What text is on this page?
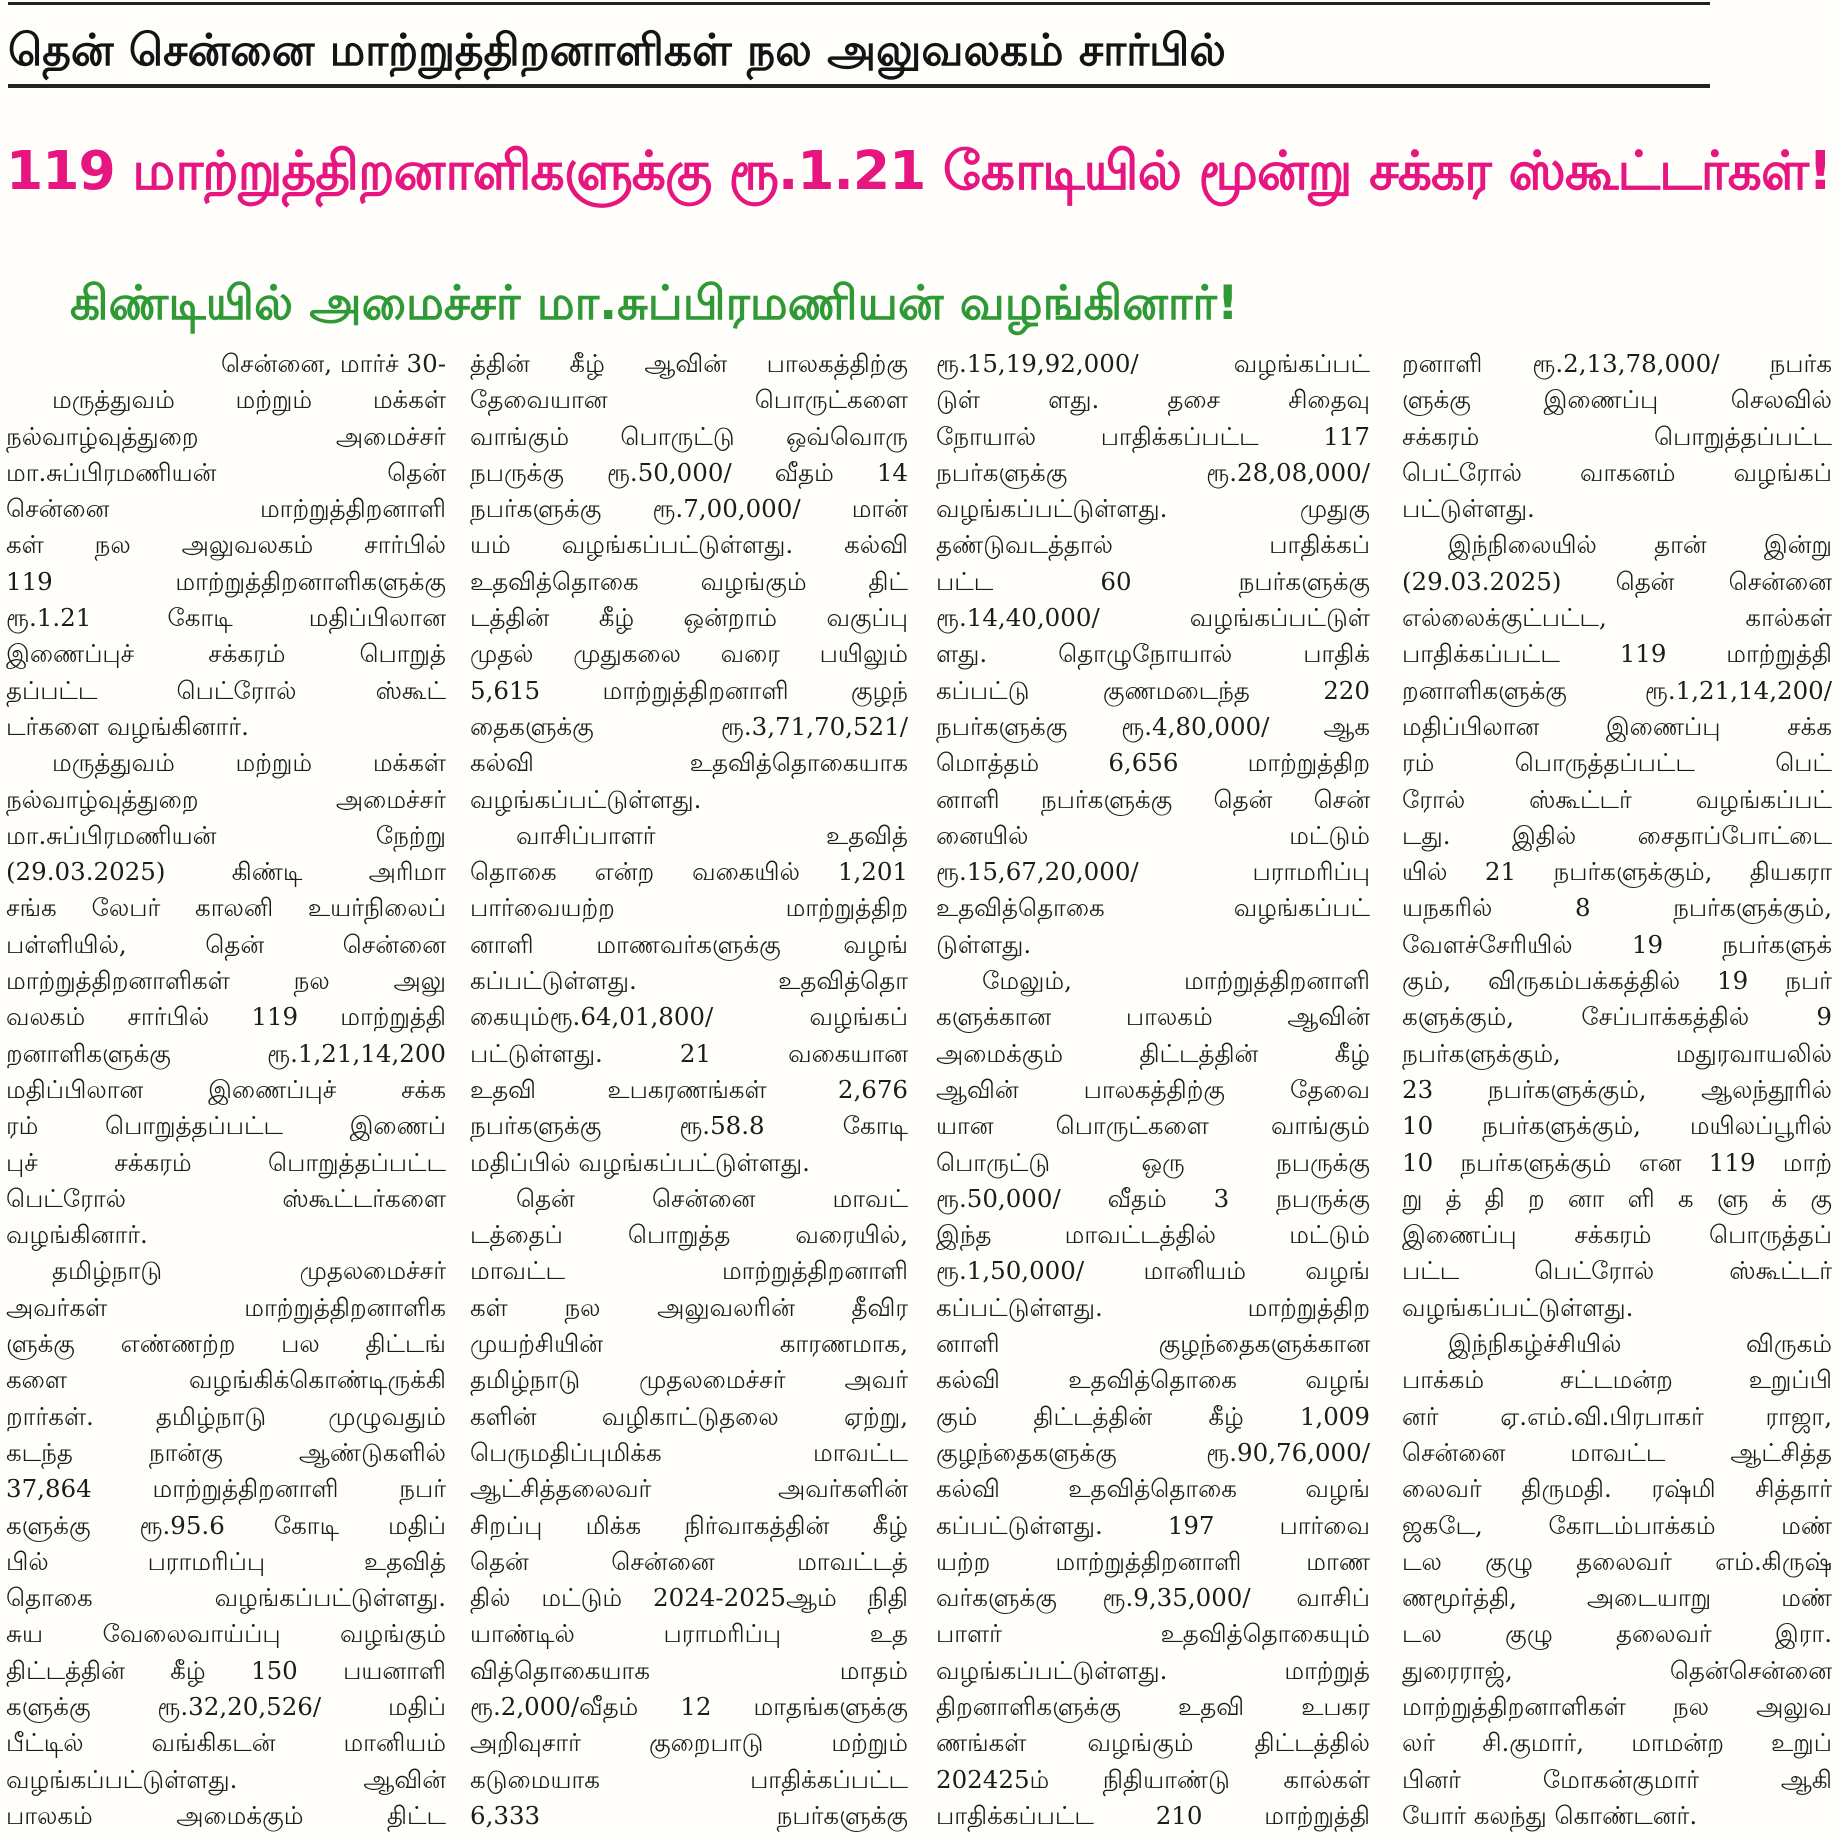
தென் சென்னை மாற்றுத்திறனாளிகள் நல அலுவலகம் சார்பில்
119 மாற்றுத்திறனாளிகளுக்கு ரூ.1.21 கோடியில் மூன்று சக்கர ஸ்கூட்டர்கள்!
கிண்டியில் அமைச்சர் மா.சுப்பிரமணியன் வழங்கினார்!
சென்னை, மார்ச் 30-
மருத்துவம் மற்றும் மக்கள்
நல்வாழ்வுத்துறை அமைச்சர்
மா.சுப்பிரமணியன் தென்
சென்னை மாற்றுத்திறனாளி
கள் நல அலுவலகம் சார்பில்
119 மாற்றுத்திறனாளிகளுக்கு
ரூ.1.21 கோடி மதிப்பிலான
இணைப்புச் சக்கரம் பொறுத்
தப்பட்ட பெட்ரோல் ஸ்கூட்
டர்களை வழங்கினார்.
மருத்துவம் மற்றும் மக்கள்
நல்வாழ்வுத்துறை அமைச்சர்
மா.சுப்பிரமணியன் நேற்று
(29.03.2025) கிண்டி அரிமா
சங்க லேபர் காலனி உயர்நிலைப்
பள்ளியில், தென் சென்னை
மாற்றுத்திறனாளிகள் நல அலு
வலகம் சார்பில் 119 மாற்றுத்தி
றனாளிகளுக்கு ரூ.1,21,14,200
மதிப்பிலான இணைப்புச் சக்க
ரம் பொறுத்தப்பட்ட இணைப்
புச் சக்கரம் பொறுத்தப்பட்ட
பெட்ரோல் ஸ்கூட்டர்களை
வழங்கினார்.
தமிழ்நாடு முதலமைச்சர்
அவர்கள் மாற்றுத்திறனாளிக
ளுக்கு எண்ணற்ற பல திட்டங்
களை வழங்கிக்கொண்டிருக்கி
றார்கள். தமிழ்நாடு முழுவதும்
கடந்த நான்கு ஆண்டுகளில்
37,864 மாற்றுத்திறனாளி நபர்
களுக்கு ரூ.95.6 கோடி மதிப்
பில் பராமரிப்பு உதவித்
தொகை வழங்கப்பட்டுள்ளது.
சுய வேலைவாய்ப்பு வழங்கும்
திட்டத்தின் கீழ் 150 பயனாளி
களுக்கு ரூ.32,20,526/ மதிப்
பீட்டில் வங்கிகடன் மானியம்
வழங்கப்பட்டுள்ளது. ஆவின்
பாலகம் அமைக்கும் திட்ட
த்தின் கீழ் ஆவின் பாலகத்திற்கு
தேவையான பொருட்களை
வாங்கும் பொருட்டு ஒவ்வொரு
நபருக்கு ரூ.50,000/ வீதம் 14
நபர்களுக்கு ரூ.7,00,000/ மான்
யம் வழங்கப்பட்டுள்ளது. கல்வி
உதவித்தொகை வழங்கும் திட்
டத்தின் கீழ் ஒன்றாம் வகுப்பு
முதல் முதுகலை வரை பயிலும்
5,615 மாற்றுத்திறனாளி குழந்
தைகளுக்கு ரூ.3,71,70,521/
கல்வி உதவித்தொகையாக
வழங்கப்பட்டுள்ளது.
வாசிப்பாளர் உதவித்
தொகை என்ற வகையில் 1,201
பார்வையற்ற மாற்றுத்திற
னாளி மாணவர்களுக்கு வழங்
கப்பட்டுள்ளது. உதவித்தொ
கையும்ரூ.64,01,800/ வழங்கப்
பட்டுள்ளது. 21 வகையான
உதவி உபகரணங்கள் 2,676
நபர்களுக்கு ரூ.58.8 கோடி
மதிப்பில் வழங்கப்பட்டுள்ளது.
தென் சென்னை மாவட்
டத்தைப் பொறுத்த வரையில்,
மாவட்ட மாற்றுத்திறனாளி
கள் நல அலுவலரின் தீவிர
முயற்சியின் காரணமாக,
தமிழ்நாடு முதலமைச்சர் அவர்
களின் வழிகாட்டுதலை ஏற்று,
பெருமதிப்புமிக்க மாவட்ட
ஆட்சித்தலைவர் அவர்களின்
சிறப்பு மிக்க நிர்வாகத்தின் கீழ்
தென் சென்னை மாவட்டத்
தில் மட்டும் 2024-2025ஆம் நிதி
யாண்டில் பராமரிப்பு உத
வித்தொகையாக மாதம்
ரூ.2,000/வீதம் 12 மாதங்களுக்கு
அறிவுசார் குறைபாடு மற்றும்
கடுமையாக பாதிக்கப்பட்ட
6,333 நபர்களுக்கு
ரூ.15,19,92,000/ வழங்கப்பட்
டுள் ளது. தசை சிதைவு
நோயால் பாதிக்கப்பட்ட 117
நபர்களுக்கு ரூ.28,08,000/
வழங்கப்பட்டுள்ளது. முதுகு
தண்டுவடத்தால் பாதிக்கப்
பட்ட 60 நபர்களுக்கு
ரூ.14,40,000/ வழங்கப்பட்டுள்
ளது. தொழுநோயால் பாதிக்
கப்பட்டு குணமடைந்த 220
நபர்களுக்கு ரூ.4,80,000/ ஆக
மொத்தம் 6,656 மாற்றுத்திற
னாளி நபர்களுக்கு தென் சென்
னையில் மட்டும்
ரூ.15,67,20,000/ பராமரிப்பு
உதவித்தொகை வழங்கப்பட்
டுள்ளது.
மேலும், மாற்றுத்திறனாளி
களுக்கான பாலகம் ஆவின்
அமைக்கும் திட்டத்தின் கீழ்
ஆவின் பாலகத்திற்கு தேவை
யான பொருட்களை வாங்கும்
பொருட்டு ஒரு நபருக்கு
ரூ.50,000/ வீதம் 3 நபருக்கு
இந்த மாவட்டத்தில் மட்டும்
ரூ.1,50,000/ மானியம் வழங்
கப்பட்டுள்ளது. மாற்றுத்திற
னாளி குழந்தைகளுக்கான
கல்வி உதவித்தொகை வழங்
கும் திட்டத்தின் கீழ் 1,009
குழந்தைகளுக்கு ரூ.90,76,000/
கல்வி உதவித்தொகை வழங்
கப்பட்டுள்ளது. 197 பார்வை
யற்ற மாற்றுத்திறனாளி மாண
வர்களுக்கு ரூ.9,35,000/ வாசிப்
பாளர் உதவித்தொகையும்
வழங்கப்பட்டுள்ளது. மாற்றுத்
திறனாளிகளுக்கு உதவி உபகர
ணங்கள் வழங்கும் திட்டத்தில்
202425ம் நிதியாண்டு கால்கள்
பாதிக்கப்பட்ட 210 மாற்றுத்தி
றனாளி ரூ.2,13,78,000/ நபர்க
ளுக்கு இணைப்பு செலவில்
சக்கரம் பொறுத்தப்பட்ட
பெட்ரோல் வாகனம் வழங்கப்
பட்டுள்ளது.
இந்நிலையில் தான் இன்று
(29.03.2025) தென் சென்னை
எல்லைக்குட்பட்ட, கால்கள்
பாதிக்கப்பட்ட 119 மாற்றுத்தி
றனாளிகளுக்கு ரூ.1,21,14,200/
மதிப்பிலான இணைப்பு சக்க
ரம் பொருத்தப்பட்ட பெட்
ரோல் ஸ்கூட்டர் வழங்கப்பட்
டது. இதில் சைதாப்போட்டை
யில் 21 நபர்களுக்கும், தியகரா
யநகரில் 8 நபர்களுக்கும்,
வேளச்சேரியில் 19 நபர்களுக்
கும், விருகம்பக்கத்தில் 19 நபர்
களுக்கும், சேப்பாக்கத்தில் 9
நபர்களுக்கும், மதுரவாயலில்
23 நபர்களுக்கும், ஆலந்தூரில்
10 நபர்களுக்கும், மயிலப்பூரில்
10 நபர்களுக்கும் என 119 மாற்
று த் தி ற னா ளி க ளு க் கு
இணைப்பு சக்கரம் பொருத்தப்
பட்ட பெட்ரோல் ஸ்கூட்டர்
வழங்கப்பட்டுள்ளது.
இந்நிகழ்ச்சியில் விருகம்
பாக்கம் சட்டமன்ற உறுப்பி
னர் ஏ.எம்.வி.பிரபாகர் ராஜா,
சென்னை மாவட்ட ஆட்சித்த
லைவர் திருமதி. ரஷ்மி சித்தார்
ஜகடே, கோடம்பாக்கம் மண்
டல குழு தலைவர் எம்.கிருஷ்
ணமூர்த்தி, அடையாறு மண்
டல குழு தலைவர் இரா.
துரைராஜ், தென்சென்னை
மாற்றுத்திறனாளிகள் நல அலுவ
லர் சி.குமார், மாமன்ற உறுப்
பினர் மோகன்குமார் ஆகி
யோர் கலந்து கொண்டனர்.
